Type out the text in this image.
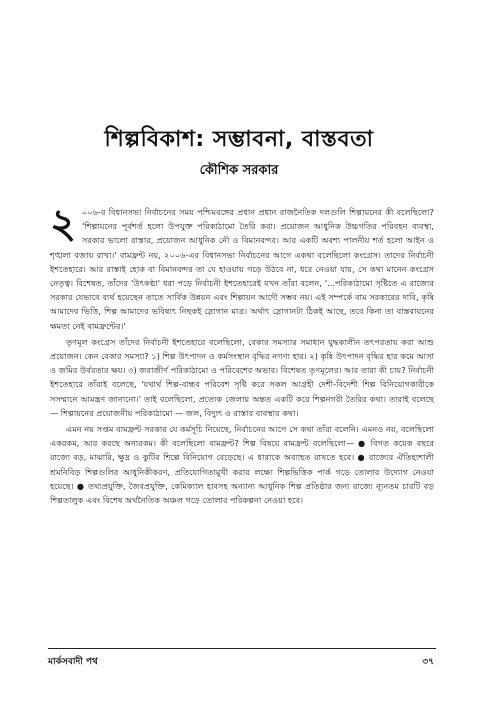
শিল্পবিকাশ: সম্ভাবনা, বাস্তবতা
কৌশিক সরকার

২ ০০৬-র বিধানসভা নির্বাচনের সময় পশ্চিমবঙ্গের প্রধান প্রধান রাজনৈতিক দলগুলি শিল্পায়নের কী বলেছিলো? 'শিল্পায়নের পূর্বশর্ত হলো উপযুক্ত পরিকাঠামো তৈরি করা। প্রয়োজন আধুনিক উচ্চগতির পরিবহন ব্যবস্থা, সরকার ভালো রাস্তার, প্রয়োজন আধুনিক নৌ ও বিমানবন্দর। আর একটি অবশ্য পালনীয় শর্ত হলো আইন ও শৃঙ্খলা বজায় রাখা।' বামফ্রন্ট নয়, ২০০৬-এর বিধানসভা নির্বাচনের আগে একথা বলেছিলো কংগ্রেস। তাদের নির্বাচনী ইশতেহারে। আর রাস্তাই হোক বা বিমানবন্দর তা যে হাওয়ায় গড়ে উঠবে না, ধরে নেওয়া যায়, সে কথা মানেন কংগ্রেস নেতৃত্ব। বিশেষত, তাঁদের 'উৎকণ্ঠা' ধরা পড়ে নির্বাচনী ইশতেহারেই যখন তাঁরা বলেন, '...পরিকাঠামো সৃষ্টিতে এ রাজ্যের সরকার যেভাবে ব্যর্থ হয়েছেন তাতে সার্বিক উন্নয়ন এবং শিল্পায়ন আদৌ সম্ভব নয়। এই সম্পর্কে বাম সরকারের দাবি, কৃষি আমাদের ভিত্তি, শিল্প আমাদের ভবিষ্যৎ নিছকই স্লোগান মাত্র। অর্থাৎ স্লোগানটা ঠিকই আছে, তবে কিনা তা বাস্তবায়নের ক্ষমতা নেই বামফ্রন্টের।'

তৃণমূল কংগ্রেস তাঁদের নির্বাচনী ইশতেহারে বলেছিলো, বেকার সমস্যার সমাধান যুদ্ধকালীন তৎপরতায় করা আশু প্রয়োজন। কেন বেকার সমস্যা? ১) শিল্প উৎপাদন ও কর্মসংস্থান বৃদ্ধির নগণ্য হার। ২) কৃষি উৎপাদন বৃদ্ধির হার কমে আসা ও জমির উর্বরতার ক্ষয়। ৩) জরাজীর্ণ পরিকাঠামো ও পরিবেশের অভাব। বিশেষত তৃণমূলের। আর তারা কী চায়? নির্বাচনী ইশতেহারে তাঁরাই বলেছে, 'যথার্থ শিল্প-বান্ধব পরিবেশ সৃষ্টি করে সকল আগ্রহী দেশী-বিদেশী শিল্প বিনিয়োগকারীকে সসম্মানে আমন্ত্রণ জানানো।' তাই বলেছিলো, প্রত্যেক জেলায় অন্তত একটি করে শিল্পনগরী তৈরির কথা। তারাই বলেছে — শিল্পায়নের প্রয়োজনীয় পরিকাঠামো — জল, বিদ্যুৎ ও রাস্তার ব্যবস্থার কথা।

এমন নয় সপ্তম বামফ্রন্ট সরকার যে কর্মসূচি নিয়েছে, নির্বাচনের আগে সে কথা তাঁরা বলেনি। এমনও নয়, বলেছিলো একরকম, আর করছে অন্যরকম। কী বলেছিলো বামফ্রন্ট? শিল্প বিষয়ে বামফ্রন্ট বলেছিলো— ● বিগত কয়েক বছরে রাজ্যে বড়, মাঝারি, ক্ষুদ্র ও কুটির শিল্পে বিনিয়োগ বেড়েছে। এ ধারাকে অব্যাহত রাখতে হবে। ● রাজ্যের ঐতিহ্যশালী শ্রমনিবিড় শিল্পগুলির আধুনিকীকরণ, প্রতিযোগিতামুখী করার লক্ষ্যে শিল্পভিত্তিক পার্ক গড়ে তোলার উদ্যোগ নেওয়া হয়েছে। ● তথ্যপ্রযুক্তি, জৈবপ্রযুক্তি, কেমিক্যাল হাবসহ অন্যান্য আধুনিক শিল্প প্রতিষ্ঠার জন্য রাজ্যে ন্যূনতম চারটি বড় শিল্পতালুক এবং বিশেষ অর্থনৈতিক অঞ্চল গড়ে তোলার পরিকল্পনা নেওয়া হবে।

মার্কসবাদী পথ	৩৭
